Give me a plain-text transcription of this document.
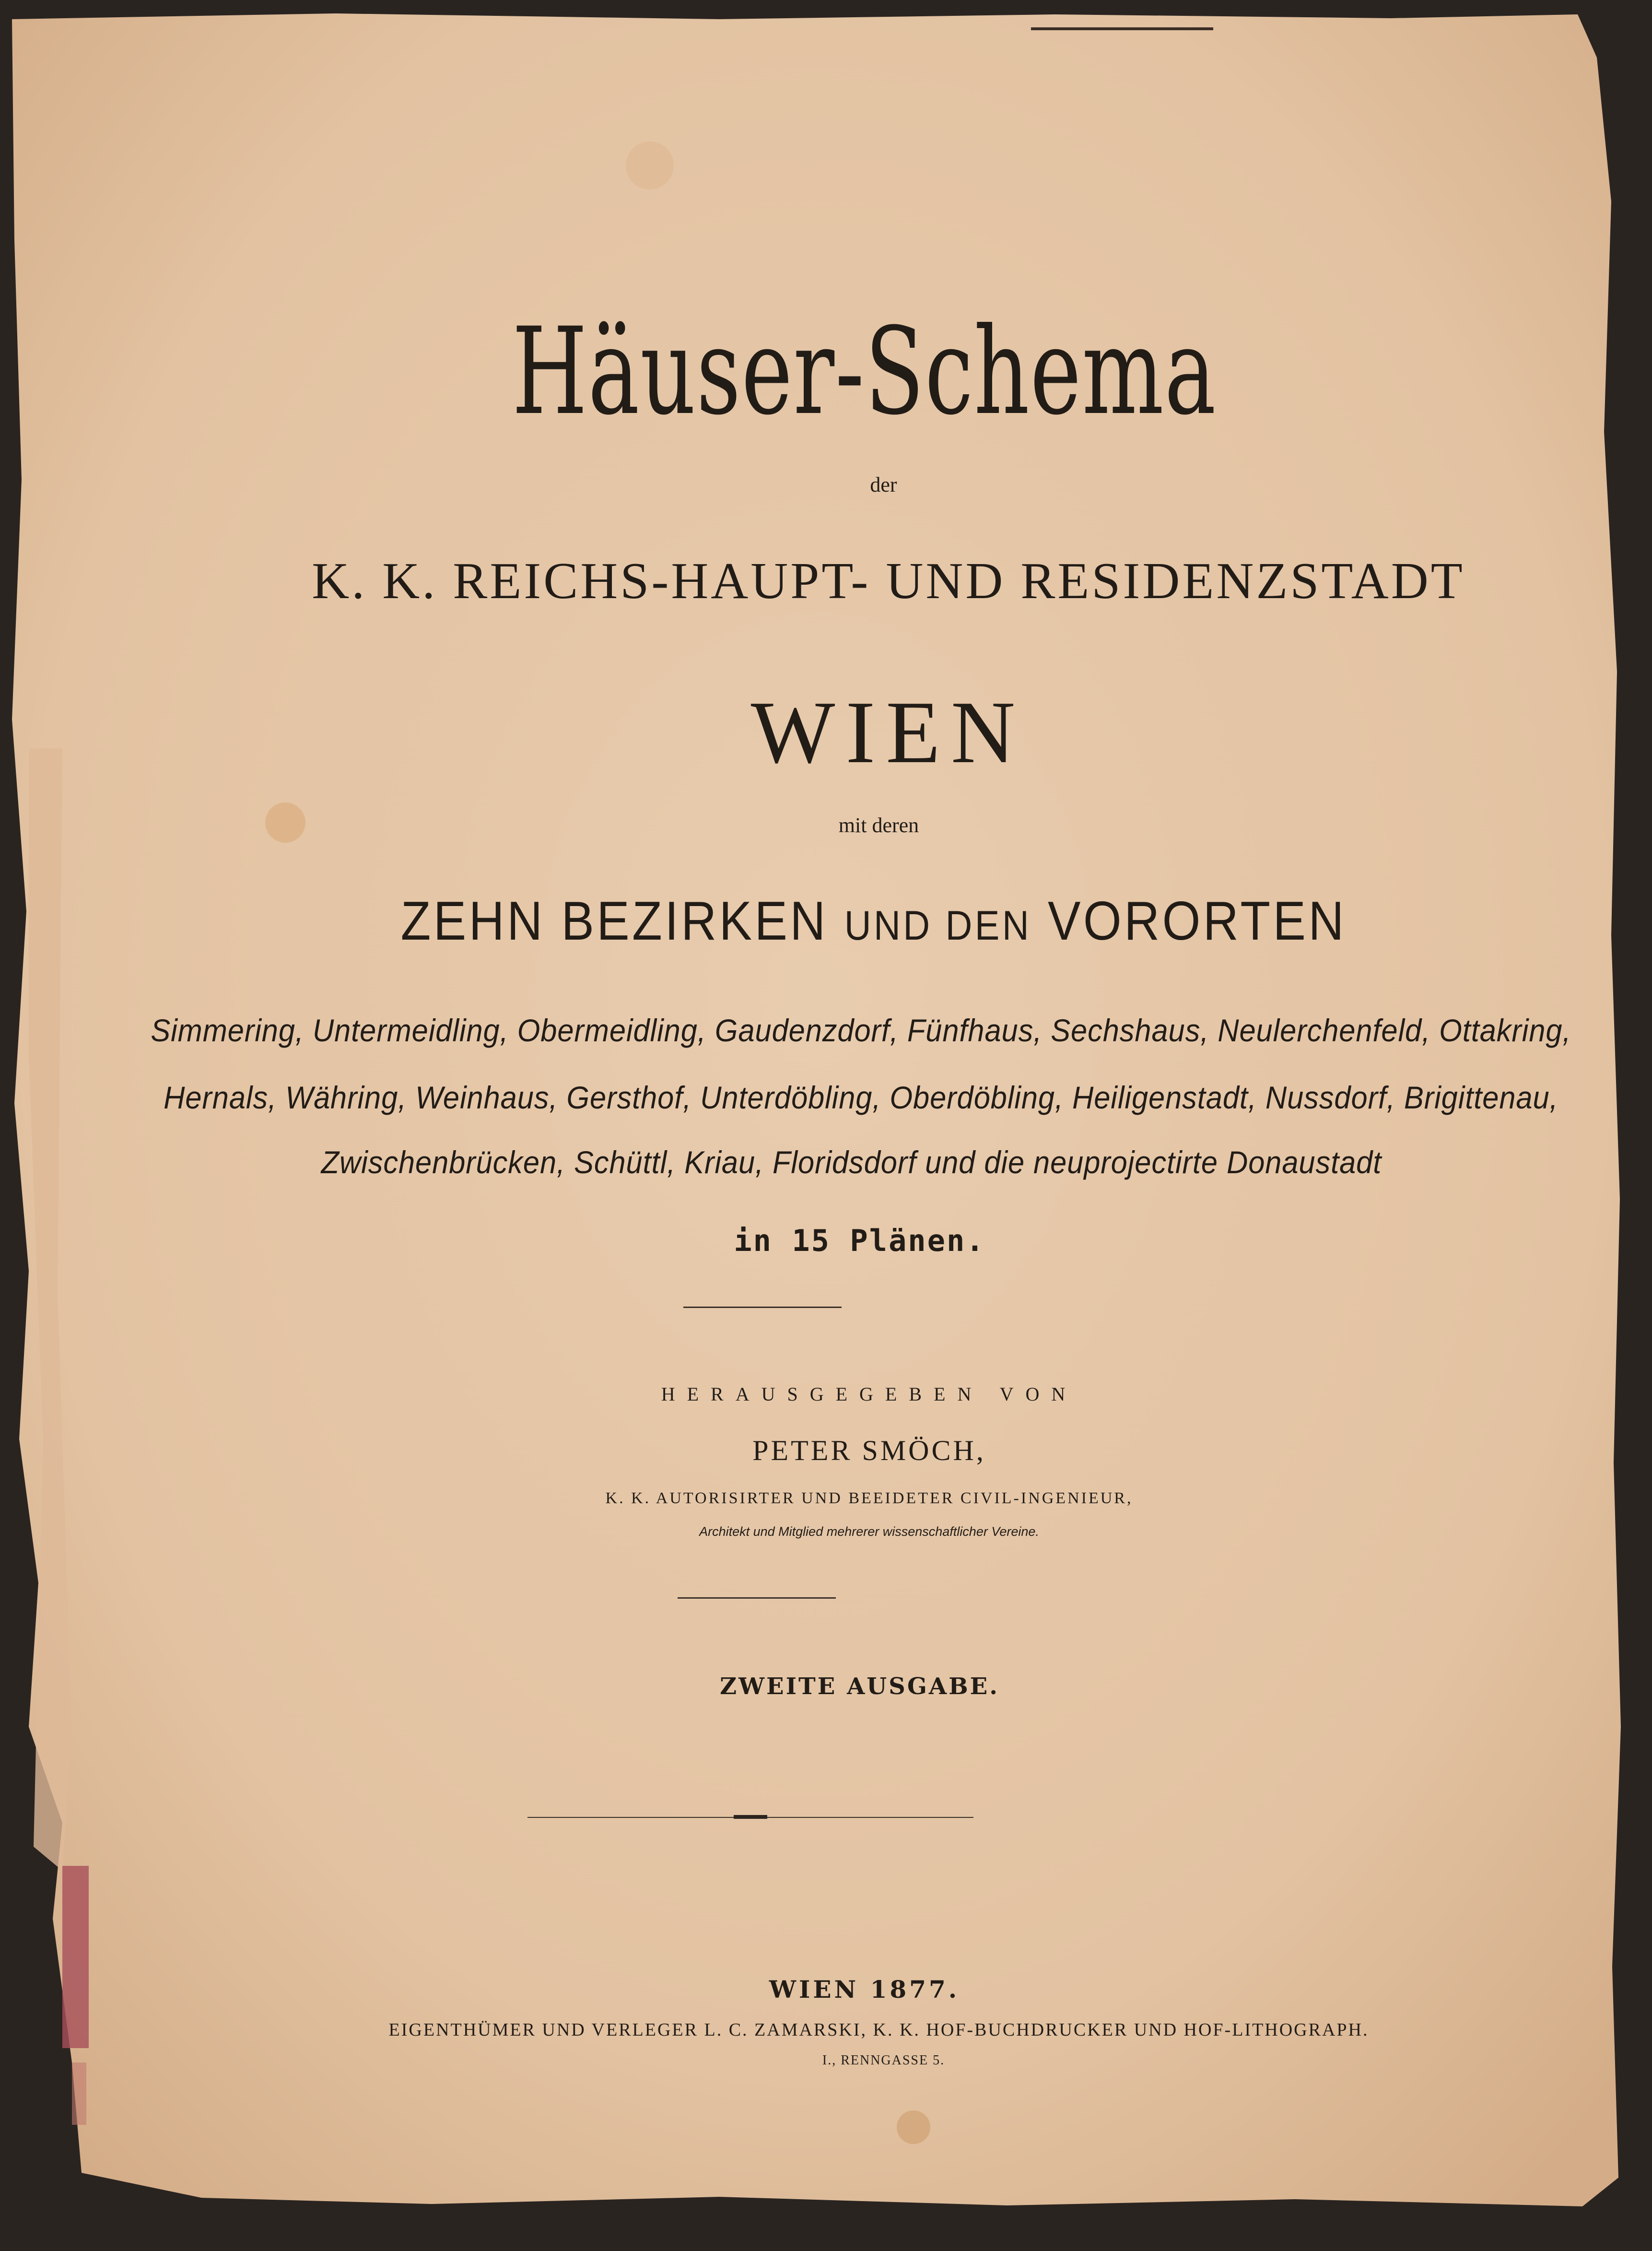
Häuser-Schema

der

K. K. REICHS-HAUPT- UND RESIDENZSTADT

WIEN

mit deren

ZEHN BEZIRKEN UND DEN VORORTEN

Simmering, Untermeidling, Obermeidling, Gaudenzdorf, Fünfhaus, Sechshaus, Neulerchenfeld, Ottakring,

Hernals, Währing, Weinhaus, Gersthof, Unterdöbling, Oberdöbling, Heiligenstadt, Nussdorf, Brigittenau,

Zwischenbrücken, Schüttl, Kriau, Floridsdorf und die neuprojectirte Donaustadt

in 15 Plänen.

HERAUSGEGEBEN VON

PETER SMÖCH,

K. K. AUTORISIRTER UND BEEIDETER CIVIL-INGENIEUR,

Architekt und Mitglied mehrerer wissenschaftlicher Vereine.

ZWEITE AUSGABE.

WIEN 1877.

EIGENTHÜMER UND VERLEGER L. C. ZAMARSKI, K. K. HOF-BUCHDRUCKER UND HOF-LITHOGRAPH.

I., RENNGASSE 5.
